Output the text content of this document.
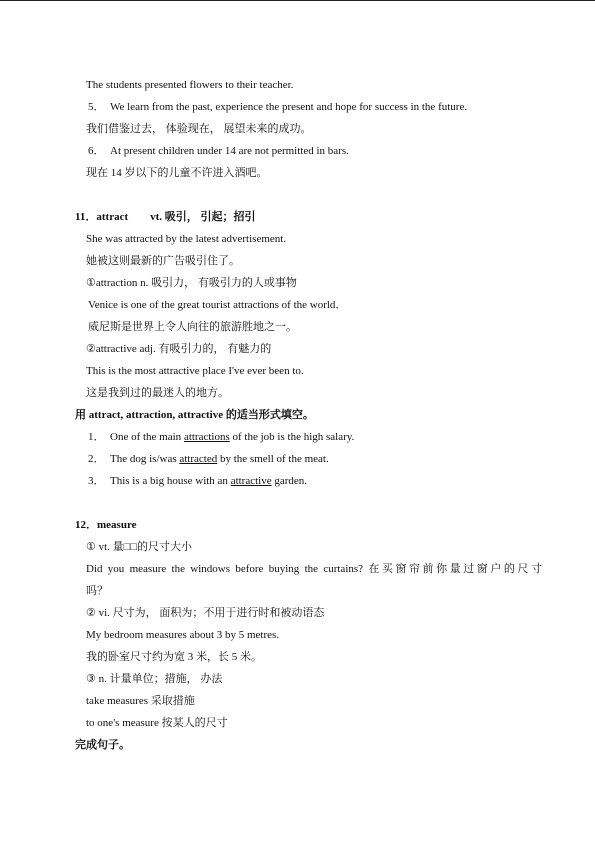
The students presented flowers to their teacher.
5． We learn from the past, experience the present and hope for success in the future.
我们借鉴过去， 体验现在， 展望未来的成功。
6． At present children under 14 are not permitted in bars.
现在 14 岁以下的儿童不许进入酒吧。
11．attract　　vt. 吸引， 引起；招引
She was attracted by the latest advertisement.
她被这则最新的广告吸引住了。
①attraction n. 吸引力， 有吸引力的人或事物
Venice is one of the great tourist attractions of the world．
威尼斯是世界上令人向往的旅游胜地之一。
②attractive adj. 有吸引力的， 有魅力的
This is the most attractive place I've ever been to.
这是我到过的最迷人的地方。
用 attract, attraction, attractive 的适当形式填空。
1． One of the main attractions of the job is the high salary.
2． The dog is/was attracted by the smell of the meat.
3． This is a big house with an attractive garden.
12．measure
① vt. 量□□的尺寸大小
Did you measure the windows before buying the curtains? 在买窗帘前你量过窗户的尺寸
吗？
② vi. 尺寸为， 面积为；不用于进行时和被动语态
My bedroom measures about 3 by 5 metres.
我的卧室尺寸约为宽 3 米，长 5 米。
③ n. 计量单位；措施， 办法
take measures 采取措施
to one's measure 按某人的尺寸
完成句子。
